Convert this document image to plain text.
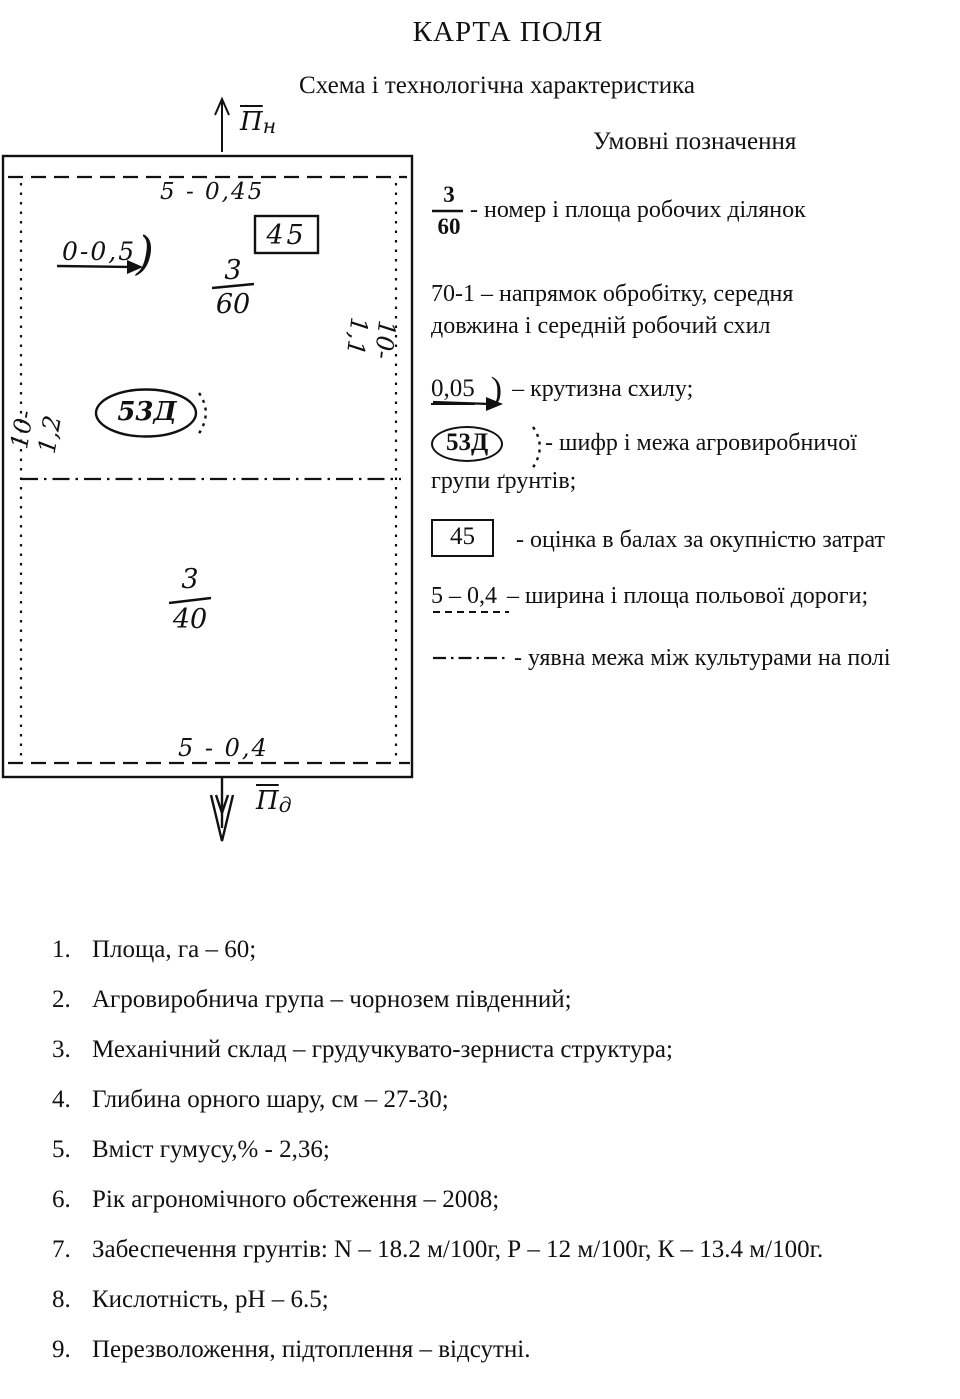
КАРТА ПОЛЯ
Схема і технологічна характеристика
Пн
5 - 0,45
0-0,5 )	45
3
60
10-1,2
53Д
10-1,1
3
40
5 - 0,4
Пд
Умовні позначення
3
60
- номер і площа робочих ділянок
70-1 – напрямок обробітку, середня
довжина і середній робочий схил
0,05 ) – крутизна схилу;
53Д	- шифр і межа агровиробничої
групи ґрунтів;
45	- оцінка в балах за окупністю затрат
5 – 0,4 – ширина і площа польової дороги;
- уявна межа між культурами на полі
1. Площа, га – 60;
2. Агровиробнича група – чорнозем південний;
3. Механічний склад – грудучкувато-зерниста структура;
4. Глибина орного шару, см – 27-30;
5. Вміст гумусу,% - 2,36;
6. Рік агрономічного обстеження – 2008;
7. Забеспечення грунтів: N – 18.2 м/100г, Р – 12 м/100г, К – 13.4 м/100г.
8. Кислотність, рН – 6.5;
9. Перезволоження, підтоплення – відсутні.
